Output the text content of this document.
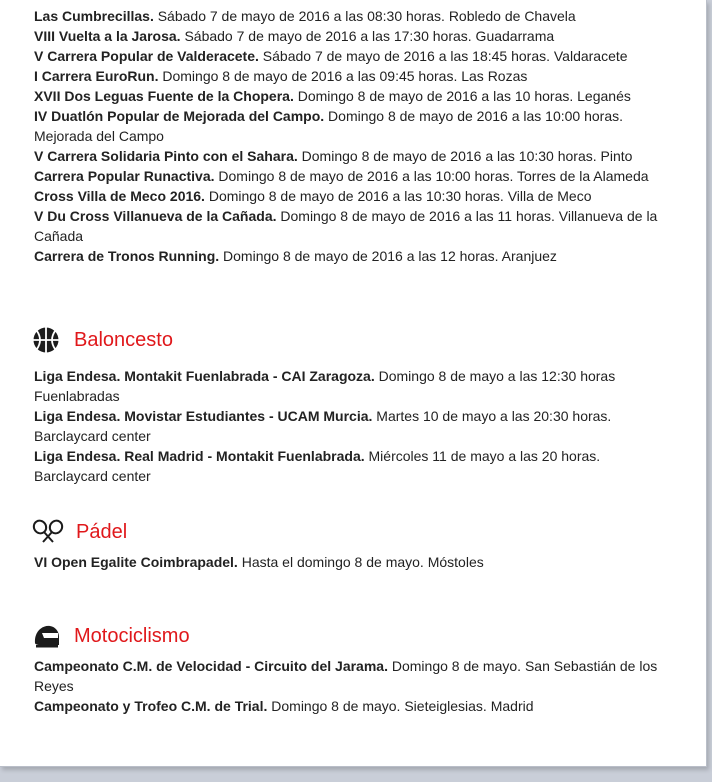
Las Cumbrecillas. Sábado 7 de mayo de 2016 a las 08:30 horas. Robledo de Chavela

VIII Vuelta a la Jarosa. Sábado 7 de mayo de 2016 a las 17:30 horas. Guadarrama

V Carrera Popular de Valderacete. Sábado 7 de mayo de 2016 a las 18:45 horas. Valdaracete

I Carrera EuroRun. Domingo 8 de mayo de 2016 a las 09:45 horas. Las Rozas

XVII Dos Leguas Fuente de la Chopera. Domingo 8 de mayo de 2016 a las 10 horas. Leganés

IV Duatlón Popular de Mejorada del Campo. Domingo 8 de mayo de 2016 a las 10:00 horas. Mejorada del Campo

V Carrera Solidaria Pinto con el Sahara. Domingo 8 de mayo de 2016 a las 10:30 horas. Pinto

Carrera Popular Runactiva. Domingo 8 de mayo de 2016 a las 10:00 horas. Torres de la Alameda

Cross Villa de Meco 2016. Domingo 8 de mayo de 2016 a las 10:30 horas. Villa de Meco

V Du Cross Villanueva de la Cañada. Domingo 8 de mayo de 2016 a las 11 horas. Villanueva de la Cañada

Carrera de Tronos Running. Domingo 8 de mayo de 2016 a las 12 horas. Aranjuez

Baloncesto

Liga Endesa. Montakit Fuenlabrada - CAI Zaragoza. Domingo 8 de mayo a las 12:30 horas Fuenlabradas

Liga Endesa. Movistar Estudiantes - UCAM Murcia. Martes 10 de mayo a las 20:30 horas. Barclaycard center

Liga Endesa. Real Madrid - Montakit Fuenlabrada. Miércoles 11 de mayo a las 20 horas. Barclaycard center

Pádel

VI Open Egalite Coimbrapadel. Hasta el domingo 8 de mayo. Móstoles

Motociclismo

Campeonato C.M. de Velocidad - Circuito del Jarama. Domingo 8 de mayo. San Sebastián de los Reyes

Campeonato y Trofeo C.M. de Trial. Domingo 8 de mayo. Sieteiglesias. Madrid
